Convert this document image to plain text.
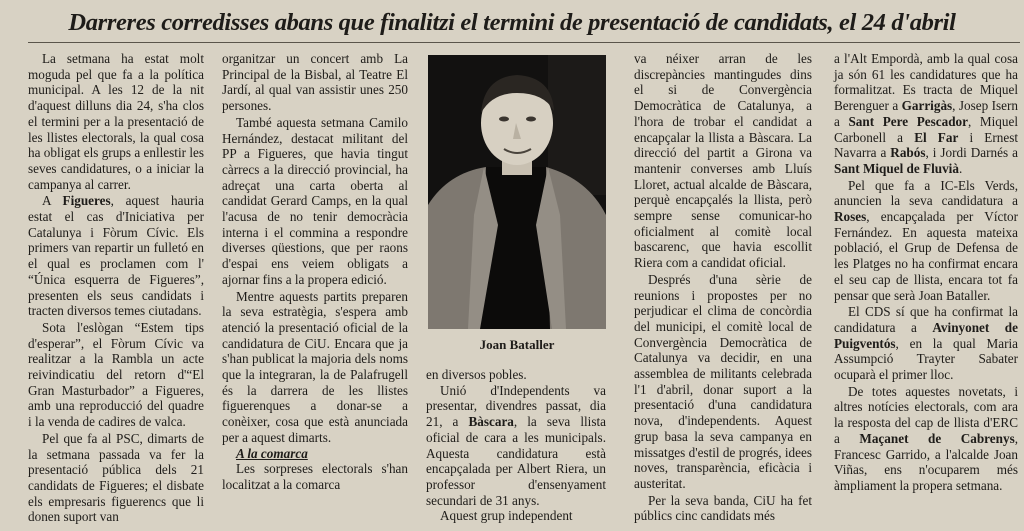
Darreres corredisses abans que finalitzi el termini de presentació de candidats, el 24 d'abril

La setmana ha estat molt moguda pel que fa a la política municipal. A les 12 de la nit d'aquest dilluns dia 24, s'ha clos el termini per a la presentació de les llistes electorals, la qual cosa ha obligat els grups a enllestir les seves candidatures, o a iniciar la campanya al carrer.

A Figueres, aquest hauria estat el cas d'Iniciativa per Catalunya i Fòrum Cívic. Els primers van repartir un fulletó en el qual es proclamen com l' “Única esquerra de Figueres”, presenten els seus candidats i tracten diversos temes ciutadans.

Sota l'eslògan “Estem tips d'esperar”, el Fòrum Cívic va realitzar a la Rambla un acte reivindicatiu del retorn d'“El Gran Masturbador” a Figueres, amb una reproducció del quadre i la venda de cadires de valca.

Pel que fa al PSC, dimarts de la setmana passada va fer la presentació pública dels 21 candidats de Figueres; el disbate els empresaris figuerencs que li donen suport van

organitzar un concert amb La Principal de la Bisbal, al Teatre El Jardí, al qual van assistir unes 250 persones.

També aquesta setmana Camilo Hernández, destacat militant del PP a Figueres, que havia tingut càrrecs a la direcció provincial, ha adreçat una carta oberta al candidat Gerard Camps, en la qual l'acusa de no tenir democràcia interna i el commina a respondre diverses qüestions, que per raons d'espai ens veiem obligats a ajornar fins a la propera edició.

Mentre aquests partits preparen la seva estratègia, s'espera amb atenció la presentació oficial de la candidatura de CiU. Encara que ja s'han publicat la majoria dels noms que la integraran, la de Palafrugell és la darrera de les llistes figuerenques a donar-se a conèixer, cosa que està anunciada per a aquest dimarts.

A la comarca

Les sorpreses electorals s'han localitzat a la comarca

Joan Bataller

en diversos pobles.

Unió d'Independents va presentar, divendres passat, dia 21, a Bàscara, la seva llista oficial de cara a les municipals. Aquesta candidatura està encapçalada per Albert Riera, un professor d'ensenyament secundari de 31 anys.

Aquest grup independent

va néixer arran de les discrepàncies mantingudes dins el si de Convergència Democràtica de Catalunya, a l'hora de trobar el candidat a encapçalar la llista a Bàscara. La direcció del partit a Girona va mantenir converses amb Lluís Lloret, actual alcalde de Bàscara, perquè encapçalés la llista, però sempre sense comunicar-ho oficialment al comitè local bascarenc, que havia escollit Riera com a candidat oficial.

Després d'una sèrie de reunions i propostes per no perjudicar el clima de concòrdia del municipi, el comitè local de Convergència Democràtica de Catalunya va decidir, en una assemblea de militants celebrada l'1 d'abril, donar suport a la presentació d'una candidatura nova, d'independents. Aquest grup basa la seva campanya en missatges d'estil de progrés, idees noves, transparència, eficàcia i austeritat.

Per la seva banda, CiU ha fet públics cinc candidats més

a l'Alt Empordà, amb la qual cosa ja són 61 les candidatures que ha formalitzat. Es tracta de Miquel Berenguer a Garrigàs, Josep Isern a Sant Pere Pescador, Miquel Carbonell a El Far i Ernest Navarra a Rabós, i Jordi Darnés a Sant Miquel de Fluvià.

Pel que fa a IC-Els Verds, anuncien la seva candidatura a Roses, encapçalada per Víctor Fernández. En aquesta mateixa població, el Grup de Defensa de les Platges no ha confirmat encara el seu cap de llista, encara tot fa pensar que serà Joan Bataller.

El CDS sí que ha confirmat la candidatura a Avinyonet de Puigventós, en la qual Maria Assumpció Trayter Sabater ocuparà el primer lloc.

De totes aquestes novetats, i altres notícies electorals, com ara la resposta del cap de llista d'ERC a Maçanet de Cabrenys, Francesc Garrido, a l'alcalde Joan Viñas, ens n'ocuparem més àmpliament la propera setmana.
